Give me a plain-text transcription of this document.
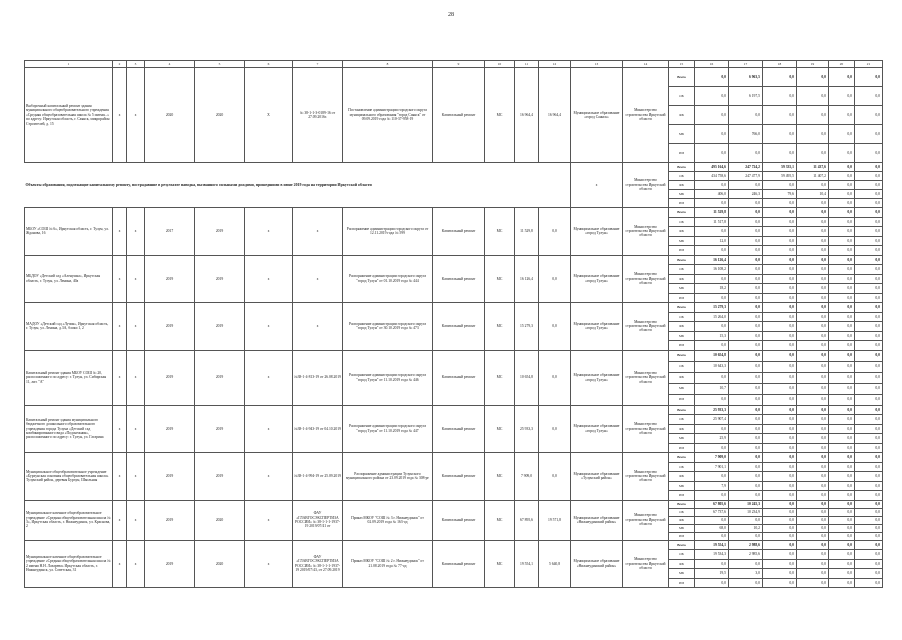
28
1	2	3	4	5	6	7	8	9	10	11	12	13	14	15	16	17	18	19	20	21
Выборочный капитальный ремонт здания муниципального общеобразовательного учреждения «Средняя общеобразовательная школа № 5 имени...» по адресу: Иркутская область, г. Саянск, микрорайон Строителей, д. 15	x	x	2020	2020	X	№ 38-1-1-3-0189-16 от 27.09.2016г.	Постановление администрации городского округа муниципального образования "город Саянск" от 09.09.2019 года № 110-37-958-19	Капитальный ремонт	МС	16 964,4	16 964,4	Муниципальное образование «город Саянск»	Министерство строительства Иркутской области	Всего	0,0	6 963,5	0,0	0,0	0,0	0,0
														ОБ	0,0	6 197,5	0,0	0,0	0,0	0,0
														ФБ	0,0	0,0	0,0	0,0	0,0	0,0
														МБ	0,0	766,0	0,0	0,0	0,0	0,0
														ИИ	0,0	0,0	0,0	0,0	0,0	0,0
Объекты образования, подлежащие капитальному ремонту, пострадавшие в результате паводка, вызванного сильными дождями, прошедшими в июне 2019 года на территории Иркутской области												x	Министерство строительства Иркутской области	Всего	495 164,6	247 724,2	59 335,1	11 437,6	0,0	0,0
														ОБ	434 758,6	247 477,9	59 495,5	11 407,2	0,0	0,0
														ФБ	0,0	0,0	0,0	0,0	0,0	0,0
														МБ	406,0	246,3	79,6	10,4	0,0	0,0
														ИИ	0,0	0,0	0,0	0,0	0,0	0,0
МБОУ «СОШ № 6», Иркутская область, г. Тулун, ул. Жданова, 16	x	x	2017	2019	x	x	Распоряжение администрации городского округа от 12.11.2019 года № 599	Капитальный ремонт	МС	11 529,8	0,0	Муниципальное образование «город Тулун»	Министерство строительства Иркутской области	Всего	11 529,8	0,0	0,0	0,0	0,0	0,0
														ОБ	11 517,8	0,0	0,0	0,0	0,0	0,0
														ФБ	0,0	0,0	0,0	0,0	0,0	0,0
														МБ	12,0	0,0	0,0	0,0	0,0	0,0
														ИИ	0,0	0,0	0,0	0,0	0,0	0,0
МБДОУ «Детский сад «Аленушка», Иркутская область, г. Тулун, ул. Ленина, 40а	x	x	2019	2019	x	x	Распоряжение администрации городского округа "город Тулун" от 01.10.2019 года № 444	Капитальный ремонт	МС	16 126,4	0,0	Муниципальное образование «город Тулун»	Министерство строительства Иркутской области	Всего	16 126,4	0,0	0,0	0,0	0,0	0,0
														ОБ	16 108,2	0,0	0,0	0,0	0,0	0,0
														ФБ	0,0	0,0	0,0	0,0	0,0	0,0
														МБ	18,2	0,0	0,0	0,0	0,0	0,0
														ИИ	0,0	0,0	0,0	0,0	0,0	0,0
МАДОУ «Детский сад «Лучик», Иркутская область, г. Тулун, ул. Ленина, д.3А, блоки 1, 2	x	x	2019	2019	x	x	Распоряжение администрации городского округа "город Тулун" от 30.10.2019 года № 473	Капитальный ремонт	МС	15 279,3	0,0	Муниципальное образование «город Тулун»	Министерство строительства Иркутской области	Всего	15 279,3	0,0	0,0	0,0	0,0	0,0
														ОБ	15 264,0	0,0	0,0	0,0	0,0	0,0
														ФБ	0,0	0,0	0,0	0,0	0,0	0,0
														МБ	15,3	0,0	0,0	0,0	0,0	0,0
														ИИ	0,0	0,0	0,0	0,0	0,0	0,0
Капитальный ремонт здания МБОУ СОШ № 20, расположенного по адресу: г. Тулун, ул. Сибирская 11, лит. "А"	x	x	2019	2019	x	№38-1-4-813-19 от 26.08.2019	Распоряжение администрации городского округа "город Тулун" от 11.10.2019 года № 446	Капитальный ремонт	МС	10 654,8	0,0	Муниципальное образование «город Тулун»	Министерство строительства Иркутской области	Всего	10 654,8	0,0	0,0	0,0	0,0	0,0
														ОБ	10 643,3	0,0	0,0	0,0	0,0	0,0
														ФБ	0,0	0,0	0,0	0,0	0,0	0,0
														МБ	10,7	0,0	0,0	0,0	0,0	0,0
														ИИ	0,0	0,0	0,0	0,0	0,0	0,0
Капитальный ремонт здания муниципального бюджетного дошкольного образовательного учреждения города Тулуна «Детский сад комбинированного вида «Подснежник», расположенного по адресу: г. Тулун, ул. Гагарина	x	x	2019	2019	x	№38-1-4-943-19 от 04.10.2019	Распоряжение администрации городского округа "город Тулун" от 11.10.2019 года № 447	Капитальный ремонт	МС	25 933,3	0,0	Муниципальное образование «город Тулун»	Министерство строительства Иркутской области	Всего	25 933,3	0,0	0,0	0,0	0,0	0,0
														ОБ	25 907,4	0,0	0,0	0,0	0,0	0,0
														ФБ	0,0	0,0	0,0	0,0	0,0	0,0
														МБ	25,9	0,0	0,0	0,0	0,0	0,0
														ИИ	0,0	0,0	0,0	0,0	0,0	0,0
Муниципальное общеобразовательное учреждение «Бурхунская основная общеобразовательная школа» Тулунский район, деревня Бурхун, Школьная	x	x	2019	2019	x	№38-1-4-994-19 от 25.09.2019	Распоряжение администрации Тулунского муниципального района от 23.09.2019 года № 308-рг	Капитальный ремонт	МС	7 909,0	0,0	Муниципальное образование «Тулунский район»	Министерство строительства Иркутской области	Всего	7 909,0	0,0	0,0	0,0	0,0	0,0
														ОБ	7 901,1	0,0	0,0	0,0	0,0	0,0
														ФБ	0,0	0,0	0,0	0,0	0,0	0,0
														МБ	7,9	0,0	0,0	0,0	0,0	0,0
														ИИ	0,0	0,0	0,0	0,0	0,0	0,0
Муниципальное казенное общеобразовательное учреждение «Средняя общеобразовательная школа № 3», Иркутская область, г. Нижнеудинск, ул. Краснова, 2	x	x	2019	2020	x	ФАУ «ГЛАВГОСЭКСПЕРТИЗА РОССИИ» № 38-1-1-1-1937-19 2019/07/41 от	Приказ МКОУ "СОШ № 3 г. Нижнеудинск" от 02.09.2019 года № 163-од	Капитальный ремонт	МС	67 895,6	19 571,8	Муниципальное образование «Нижнеудинский район»	Министерство строительства Иркутской области	Всего	67 805,6	10 245,3	0,0	0,0	0,0	0,0
														ОБ	67 737,6	10 234,9	0,0	0,0	0,0	0,0
														ФБ	0,0	0,0	0,0	0,0	0,0	0,0
														МБ	68,0	10,2	0,0	0,0	0,0	0,0
														ИИ	0,0	0,0	0,0	0,0	0,0	0,0
Муниципальное казенное общеобразовательное учреждение «Средняя общеобразовательная школа № 2 имени Н.Н. Лазарева» Иркутская область, г. Нижнеудинск, ул. Советская, 31	x	x	2019	2020	x	ФАУ «ГЛАВГОСЭКСПЕРТИЗА РОССИИ» № 38-1-1-1-1937-19 2019/07/43, от 27.09.2019	Приказ МКОУ "СОШ № 2 г. Нижнеудинск" от 21.08.2019 года № 77-од	Капитальный ремонт	МС	19 554,1	5 640,8	Муниципальное образование «Нижнеудинский район»	Министерство строительства Иркутской области	Всего	19 554,1	2 988,6	0,0	0,0	0,0	0,0
														ОБ	19 534,3	2 985,6	0,0	0,0	0,0	0,0
														ФБ	0,0	0,0	0,0	0,0	0,0	0,0
														МБ	19,5	3,0	0,0	0,0	0,0	0,0
														ИИ	0,0	0,0	0,0	0,0	0,0	0,0
